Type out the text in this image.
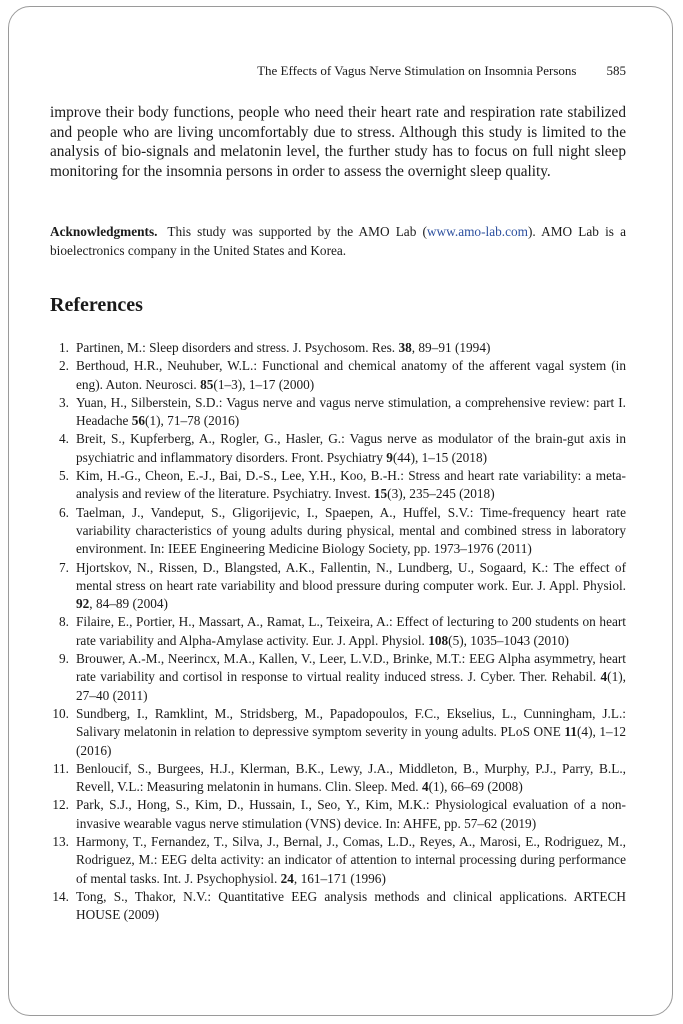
The Effects of Vagus Nerve Stimulation on Insomnia Persons 585

improve their body functions, people who need their heart rate and respiration rate stabilized and people who are living uncomfortably due to stress. Although this study is limited to the analysis of bio-signals and melatonin level, the further study has to focus on full night sleep monitoring for the insomnia persons in order to assess the overnight sleep quality.

Acknowledgments. This study was supported by the AMO Lab (www.amo-lab.com). AMO Lab is a bioelectronics company in the United States and Korea.

References
1. Partinen, M.: Sleep disorders and stress. J. Psychosom. Res. 38, 89–91 (1994)
2. Berthoud, H.R., Neuhuber, W.L.: Functional and chemical anatomy of the afferent vagal system (in eng). Auton. Neurosci. 85(1–3), 1–17 (2000)
3. Yuan, H., Silberstein, S.D.: Vagus nerve and vagus nerve stimulation, a comprehensive review: part I. Headache 56(1), 71–78 (2016)
4. Breit, S., Kupferberg, A., Rogler, G., Hasler, G.: Vagus nerve as modulator of the brain-gut axis in psychiatric and inflammatory disorders. Front. Psychiatry 9(44), 1–15 (2018)
5. Kim, H.-G., Cheon, E.-J., Bai, D.-S., Lee, Y.H., Koo, B.-H.: Stress and heart rate variability: a meta-analysis and review of the literature. Psychiatry. Invest. 15(3), 235–245 (2018)
6. Taelman, J., Vandeput, S., Gligorijevic, I., Spaepen, A., Huffel, S.V.: Time-frequency heart rate variability characteristics of young adults during physical, mental and combined stress in laboratory environment. In: IEEE Engineering Medicine Biology Society, pp. 1973–1976 (2011)
7. Hjortskov, N., Rissen, D., Blangsted, A.K., Fallentin, N., Lundberg, U., Sogaard, K.: The effect of mental stress on heart rate variability and blood pressure during computer work. Eur. J. Appl. Physiol. 92, 84–89 (2004)
8. Filaire, E., Portier, H., Massart, A., Ramat, L., Teixeira, A.: Effect of lecturing to 200 students on heart rate variability and Alpha-Amylase activity. Eur. J. Appl. Physiol. 108(5), 1035–1043 (2010)
9. Brouwer, A.-M., Neerincx, M.A., Kallen, V., Leer, L.V.D., Brinke, M.T.: EEG Alpha asymmetry, heart rate variability and cortisol in response to virtual reality induced stress. J. Cyber. Ther. Rehabil. 4(1), 27–40 (2011)
10. Sundberg, I., Ramklint, M., Stridsberg, M., Papadopoulos, F.C., Ekselius, L., Cunningham, J.L.: Salivary melatonin in relation to depressive symptom severity in young adults. PLoS ONE 11(4), 1–12 (2016)
11. Benloucif, S., Burgees, H.J., Klerman, B.K., Lewy, J.A., Middleton, B., Murphy, P.J., Parry, B.L., Revell, V.L.: Measuring melatonin in humans. Clin. Sleep. Med. 4(1), 66–69 (2008)
12. Park, S.J., Hong, S., Kim, D., Hussain, I., Seo, Y., Kim, M.K.: Physiological evaluation of a non-invasive wearable vagus nerve stimulation (VNS) device. In: AHFE, pp. 57–62 (2019)
13. Harmony, T., Fernandez, T., Silva, J., Bernal, J., Comas, L.D., Reyes, A., Marosi, E., Rodriguez, M., Rodriguez, M.: EEG delta activity: an indicator of attention to internal processing during performance of mental tasks. Int. J. Psychophysiol. 24, 161–171 (1996)
14. Tong, S., Thakor, N.V.: Quantitative EEG analysis methods and clinical applications. ARTECH HOUSE (2009)
